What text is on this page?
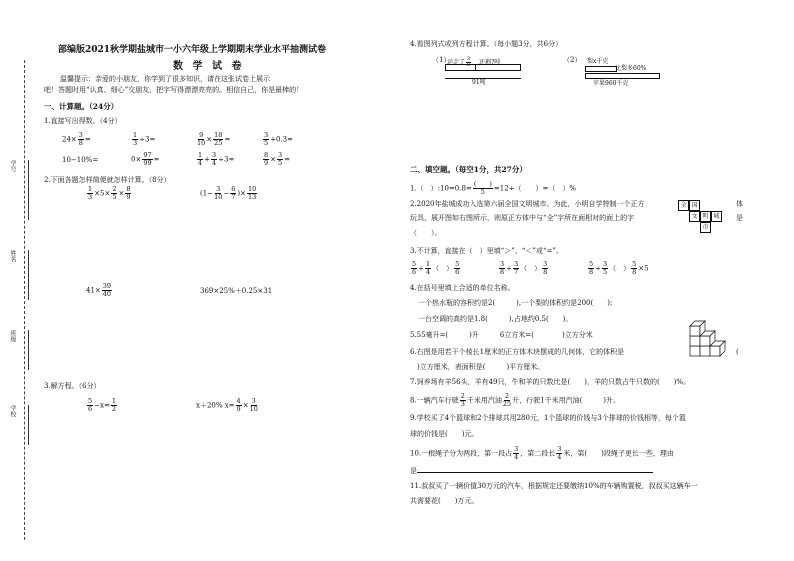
学号
姓名
班级
学校
部编版2021秋学期盐城市一小六年级上学期期末学业水平抽测试卷
数 学 试 卷
温馨提示：亲爱的小朋友，你学到了很多知识，请在这张试卷上展示
吧！答题时用“认真、细心”交朋友，把字写得漂漂亮亮的。相信自己，你是最棒的！
一、计算题。（24分）
1.直接写出得数。（4分）
$24\times \frac{3}{8}$ =	$\frac{1}{3} \div 3=$	$\frac{9}{10} \times \frac{18}{25}$ =	$\frac{3}{5} +0.3=$
10−10%=	$0\times \frac{97}{99}$ =	$\frac{1}{4} + \frac{3}{4} \div 3=$	$\frac{8}{9} \times \frac{3}{5}$ =
2.下面各题怎样简便就怎样计算。（8分）
$\frac{1}{3} \times 5\times \frac{2}{5} \times \frac{8}{9}$	($1- \frac{3}{10} - \frac{6}{7}$ )× $\frac{10}{13}$
$41\times \frac{39}{40}$	369×25%＋0.25×31
3.解方程。（6分）
$\frac{5}{6} -x= \frac{1}{2}$	x＋20% $x= \frac{4}{9} \times \frac{3}{10}$
4.看图列式或列方程计算。（每小题3分，共6分）
（1）
运走了 $\frac{3}{8}$ 还剩?吨
91吨
（2） 梨x千克
比梨多60%
苹果960千克
二、填空题。（每空1分，共27分）
1.（　）:10=0.8= $\frac{( )}{5} =12\div$（　　）=（　）%
2.2020年盐城成功入选第六届全国文明城市。为此，小明自学特制一个正方	体
玩具，展开图如右图所示，则原正方体中与“全”字所在面相对的面上的字	是
（　　）。
全 国
文 明 城
市
3.不计算，直接在（　）里填“＞”、“＜”或“=”。
$\frac{5}{6} \div \frac{1}{4}$ （　） $\frac{5}{6}$	$\frac{3}{8} \div \frac{3}{7}$ （　） $\frac{3}{8}$	$\frac{5}{8} \div \frac{3}{5}$ （　） $\frac{5}{8} \times 5$
4.在括号里填上合适的单位名称。
一个热水瓶的容积约是2(　　　),一个梨的体积约是200(　　);
一台空调的高约是1.8(　　　),占地约0.5(　　)。
5.55毫升=(　　　)升　　　6立方米=(　　　　)立方分米
6.右图是用若干个棱长1厘米的正方体木块摆成的几何体，它的体积是	(
　)立方厘米，表面积是(　　　)平方厘米。
7.饲养场有羊56头，羊有49只，牛和羊的只数比是(　　)，羊的只数占牛只数的(　　)%。
8.一辆汽车行驶 $\frac{2}{3}$ 千米用汽油 $\frac{2}{25}$ 升，行驶1千米用汽油(　　　)升。
9.学校买了4个篮球和2个排球共用280元，1个篮球的价钱与3个排球的价钱相等，每个篮
球的价钱是(　　)元。
10.一根绳子分为两段，第一段占 $\frac{3}{4}$ ，第二段长 $\frac{3}{4}$ 米，第(　　)段绳子更长一些，理由
是
11.叔叔买了一辆价值30万元的汽车，根据规定还要缴纳10%的车辆购置税，叔叔买这辆车一
共需要花(　　)万元。
